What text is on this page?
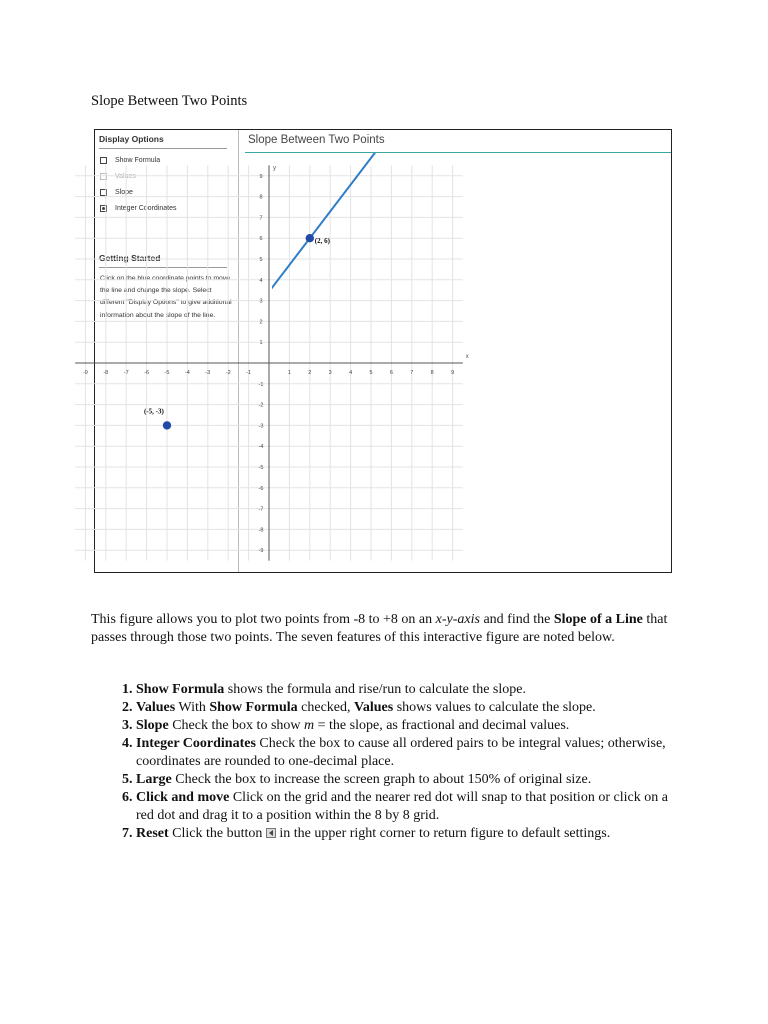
Slope Between Two Points
Display Options
Show Formula
Values
Slope
Integer Coordinates
Getting Started
Click on the blue coordinate points to move the line and change the slope. Select different "Display Options" to give additional information about the slope of the line.
Slope Between Two Points
x
y
-9	-8	-7	-6	-5	-4	-3	-2	-1	1	2	3	4	5	6	7	8	9
-9
-8
-7
-6
-5
-4
-3
-2
-1
1
2
3
4
5
6
7
8
9
(2, 6)
(-5, -3)
This figure allows you to plot two points from -8 to +8 on an x-y-axis and find the Slope of a Line that passes through those two points. The seven features of this interactive figure are noted below.
1. Show Formula shows the formula and rise/run to calculate the slope.
2. Values With Show Formula checked, Values shows values to calculate the slope.
3. Slope Check the box to show m = the slope, as fractional and decimal values.
4. Integer Coordinates Check the box to cause all ordered pairs to be integral values; otherwise, coordinates are rounded to one-decimal place.
5. Large Check the box to increase the screen graph to about 150% of original size.
6. Click and move Click on the grid and the nearer red dot will snap to that position or click on a red dot and drag it to a position within the 8 by 8 grid.
7. Reset Click the button  in the upper right corner to return figure to default settings.
